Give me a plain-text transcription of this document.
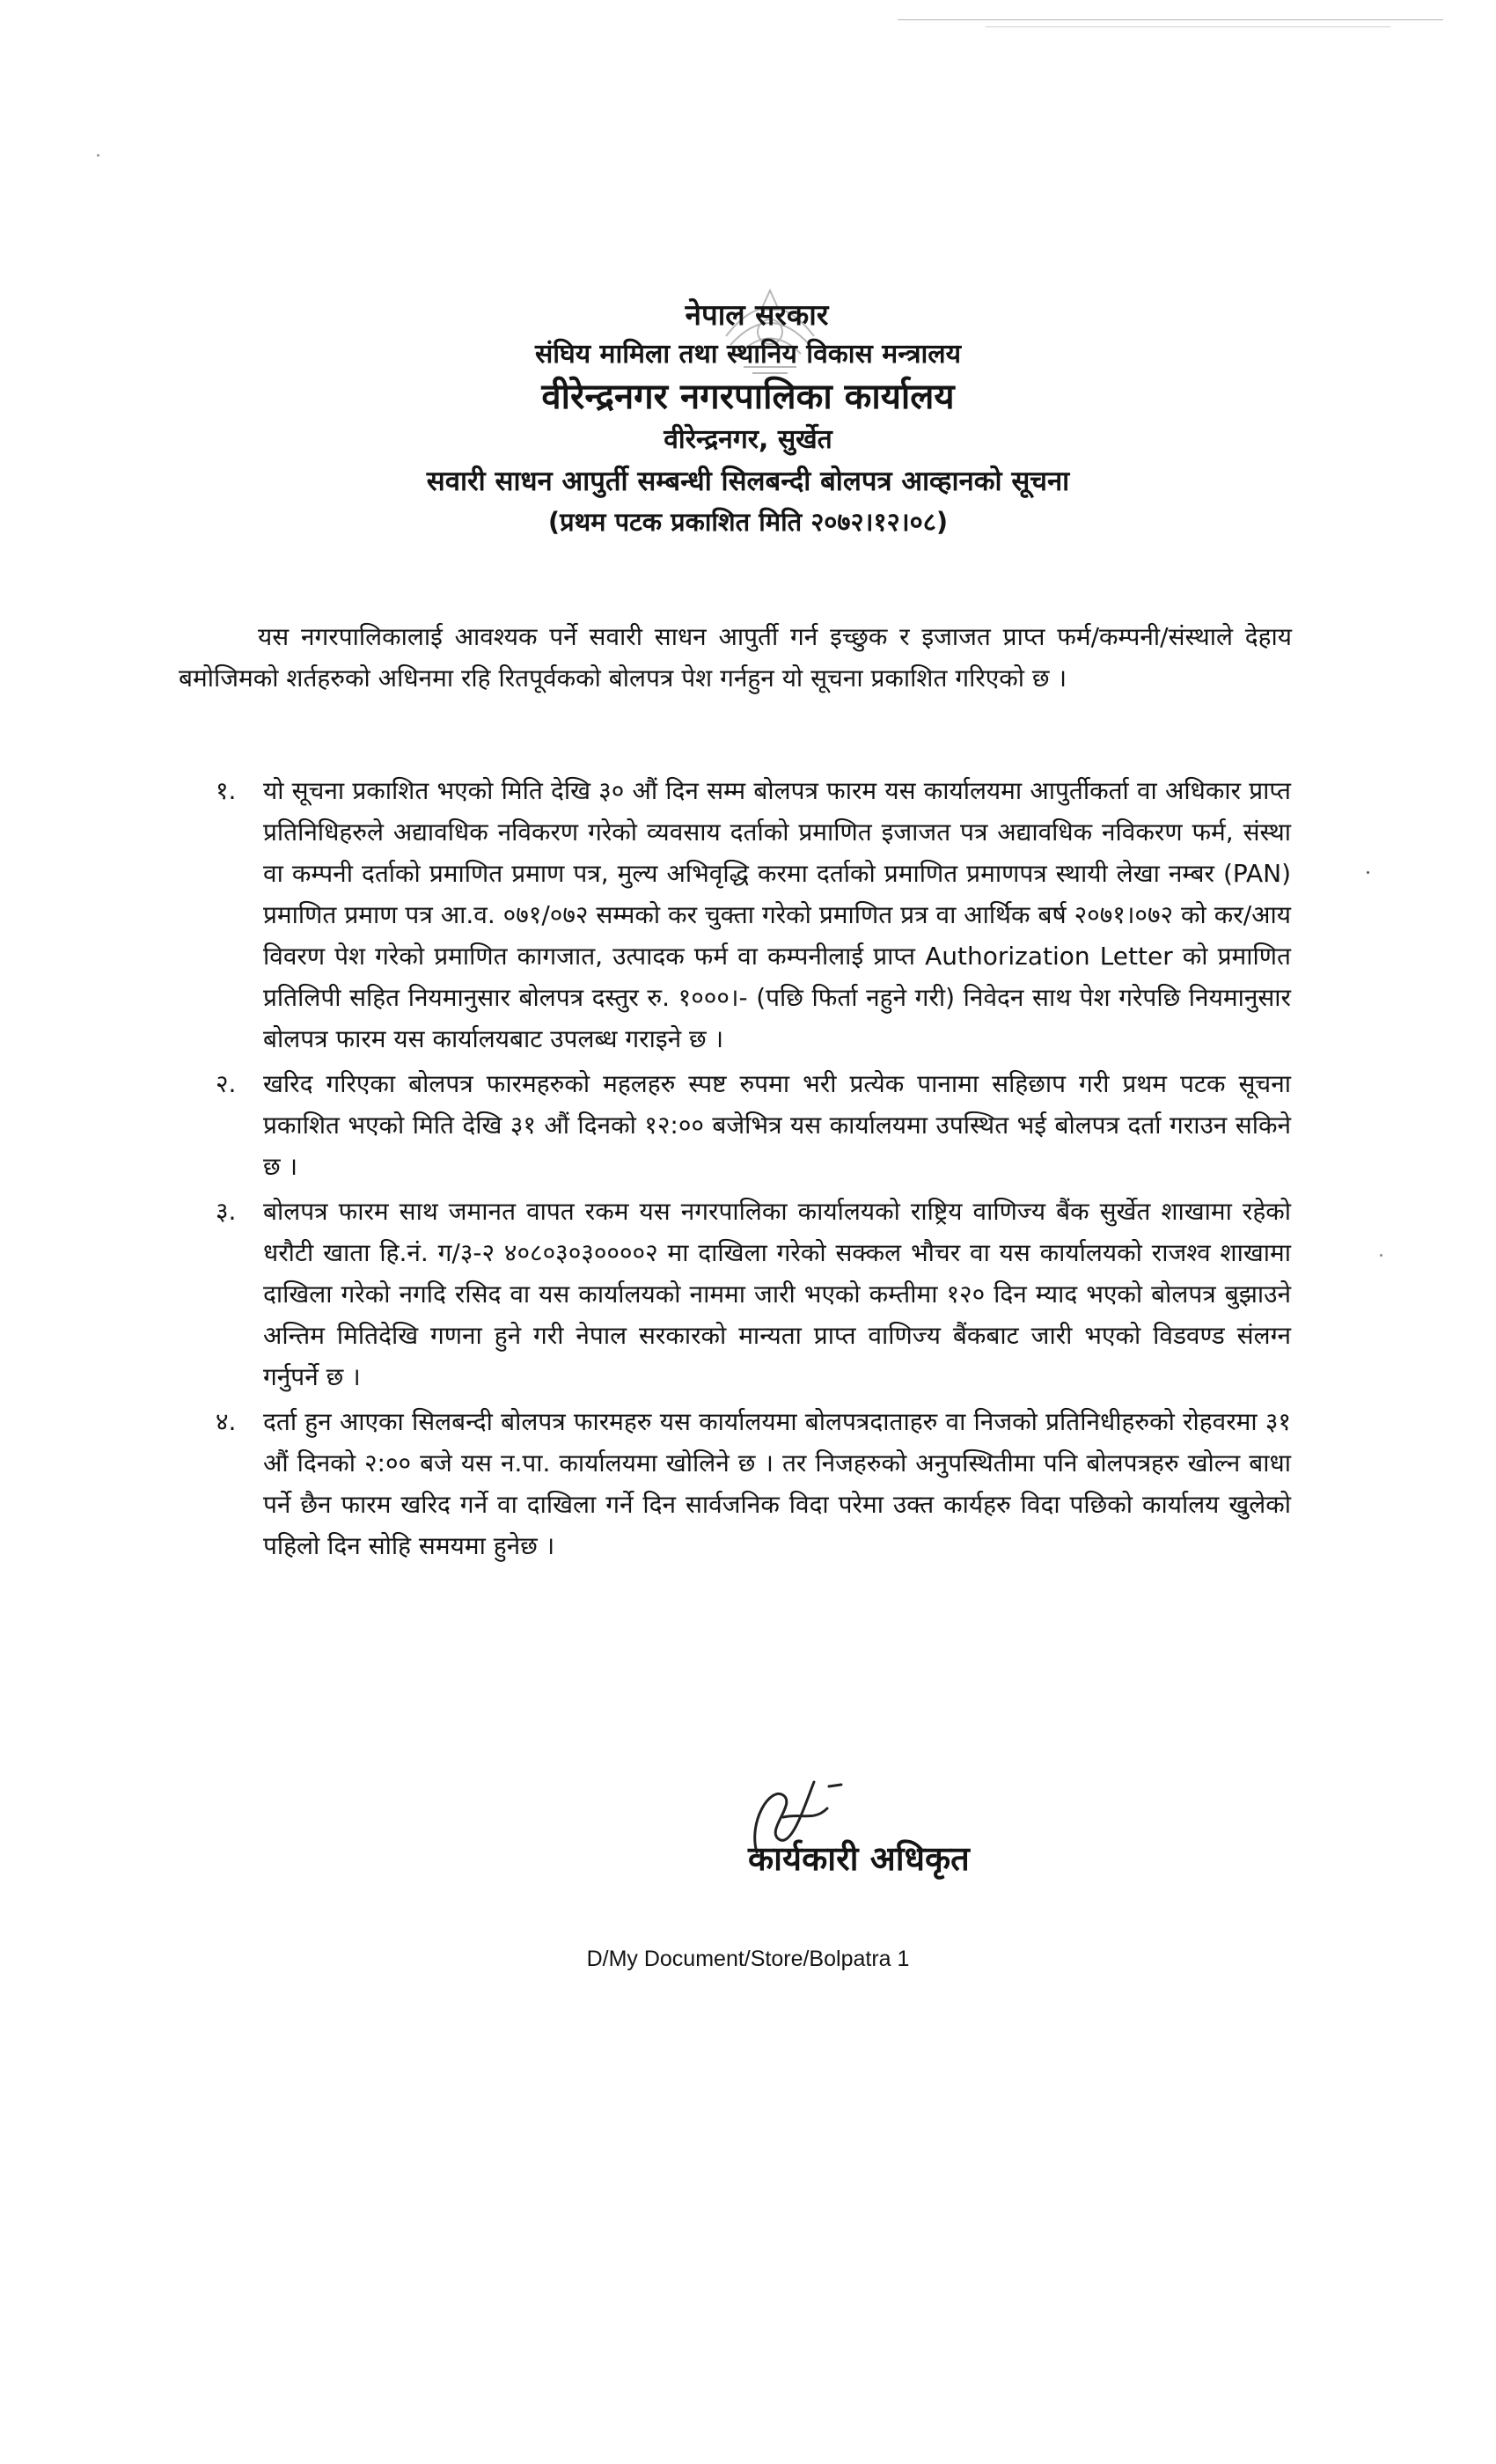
नेपाल सरकार
संघिय मामिला तथा स्थानिय विकास मन्त्रालय
वीरेन्द्रनगर नगरपालिका कार्यालय
वीरेन्द्रनगर, सुर्खेत
सवारी साधन आपुर्ती सम्बन्धी सिलबन्दी बोलपत्र आव्हानको सूचना
(प्रथम पटक प्रकाशित मिति २०७२।१२।०८)

यस नगरपालिकालाई आवश्यक पर्ने सवारी साधन आपुर्ती गर्न इच्छुक र इजाजत प्राप्त फर्म/कम्पनी/संस्थाले देहाय बमोजिमको शर्तहरुको अधिनमा रहि रितपूर्वकको बोलपत्र पेश गर्नहुन यो सूचना प्रकाशित गरिएको छ ।

१. यो सूचना प्रकाशित भएको मिति देखि ३० औं दिन सम्म बोलपत्र फारम यस कार्यालयमा आपुर्तीकर्ता वा अधिकार प्राप्त प्रतिनिधिहरुले अद्यावधिक नविकरण गरेको व्यवसाय दर्ताको प्रमाणित इजाजत पत्र अद्यावधिक नविकरण फर्म, संस्था वा कम्पनी दर्ताको प्रमाणित प्रमाण पत्र, मुल्य अभिवृद्धि करमा दर्ताको प्रमाणित प्रमाणपत्र स्थायी लेखा नम्बर (PAN) प्रमाणित प्रमाण पत्र आ.व. ०७१/०७२ सम्मको कर चुक्ता गरेको प्रमाणित प्रत्र वा आर्थिक बर्ष २०७१।०७२ को कर/आय विवरण पेश गरेको प्रमाणित कागजात, उत्पादक फर्म वा कम्पनीलाई प्राप्त Authorization Letter को प्रमाणित प्रतिलिपी सहित नियमानुसार बोलपत्र दस्तुर रु. १०००।- (पछि फिर्ता नहुने गरी) निवेदन साथ पेश गरेपछि नियमानुसार बोलपत्र फारम यस कार्यालयबाट उपलब्ध गराइने छ ।

२. खरिद गरिएका बोलपत्र फारमहरुको महलहरु स्पष्ट रुपमा भरी प्रत्येक पानामा सहिछाप गरी प्रथम पटक सूचना प्रकाशित भएको मिति देखि ३१ औं दिनको १२:०० बजेभित्र यस कार्यालयमा उपस्थित भई बोलपत्र दर्ता गराउन सकिने छ ।

३. बोलपत्र फारम साथ जमानत वापत रकम यस नगरपालिका कार्यालयको राष्ट्रिय वाणिज्य बैंक सुर्खेत शाखामा रहेको धरौटी खाता हि.नं. ग/३-२ ४०८०३०३००००२ मा दाखिला गरेको सक्कल भौचर वा यस कार्यालयको राजश्व शाखामा दाखिला गरेको नगदि रसिद वा यस कार्यालयको नाममा जारी भएको कम्तीमा १२० दिन म्याद भएको बोलपत्र बुझाउने अन्तिम मितिदेखि गणना हुने गरी नेपाल सरकारको मान्यता प्राप्त वाणिज्य बैंकबाट जारी भएको विडवण्ड संलग्न गर्नुपर्ने छ ।

४. दर्ता हुन आएका सिलबन्दी बोलपत्र फारमहरु यस कार्यालयमा बोलपत्रदाताहरु वा निजको प्रतिनिधीहरुको रोहवरमा ३१ औं दिनको २:०० बजे यस न.पा. कार्यालयमा खोलिने छ । तर निजहरुको अनुपस्थितीमा पनि बोलपत्रहरु खोल्न बाधा पर्ने छैन फारम खरिद गर्ने वा दाखिला गर्ने दिन सार्वजनिक विदा परेमा उक्त कार्यहरु विदा पछिको कार्यालय खुलेको पहिलो दिन सोहि समयमा हुनेछ ।

कार्यकारी अधिकृत
D/My Document/Store/Bolpatra 1
